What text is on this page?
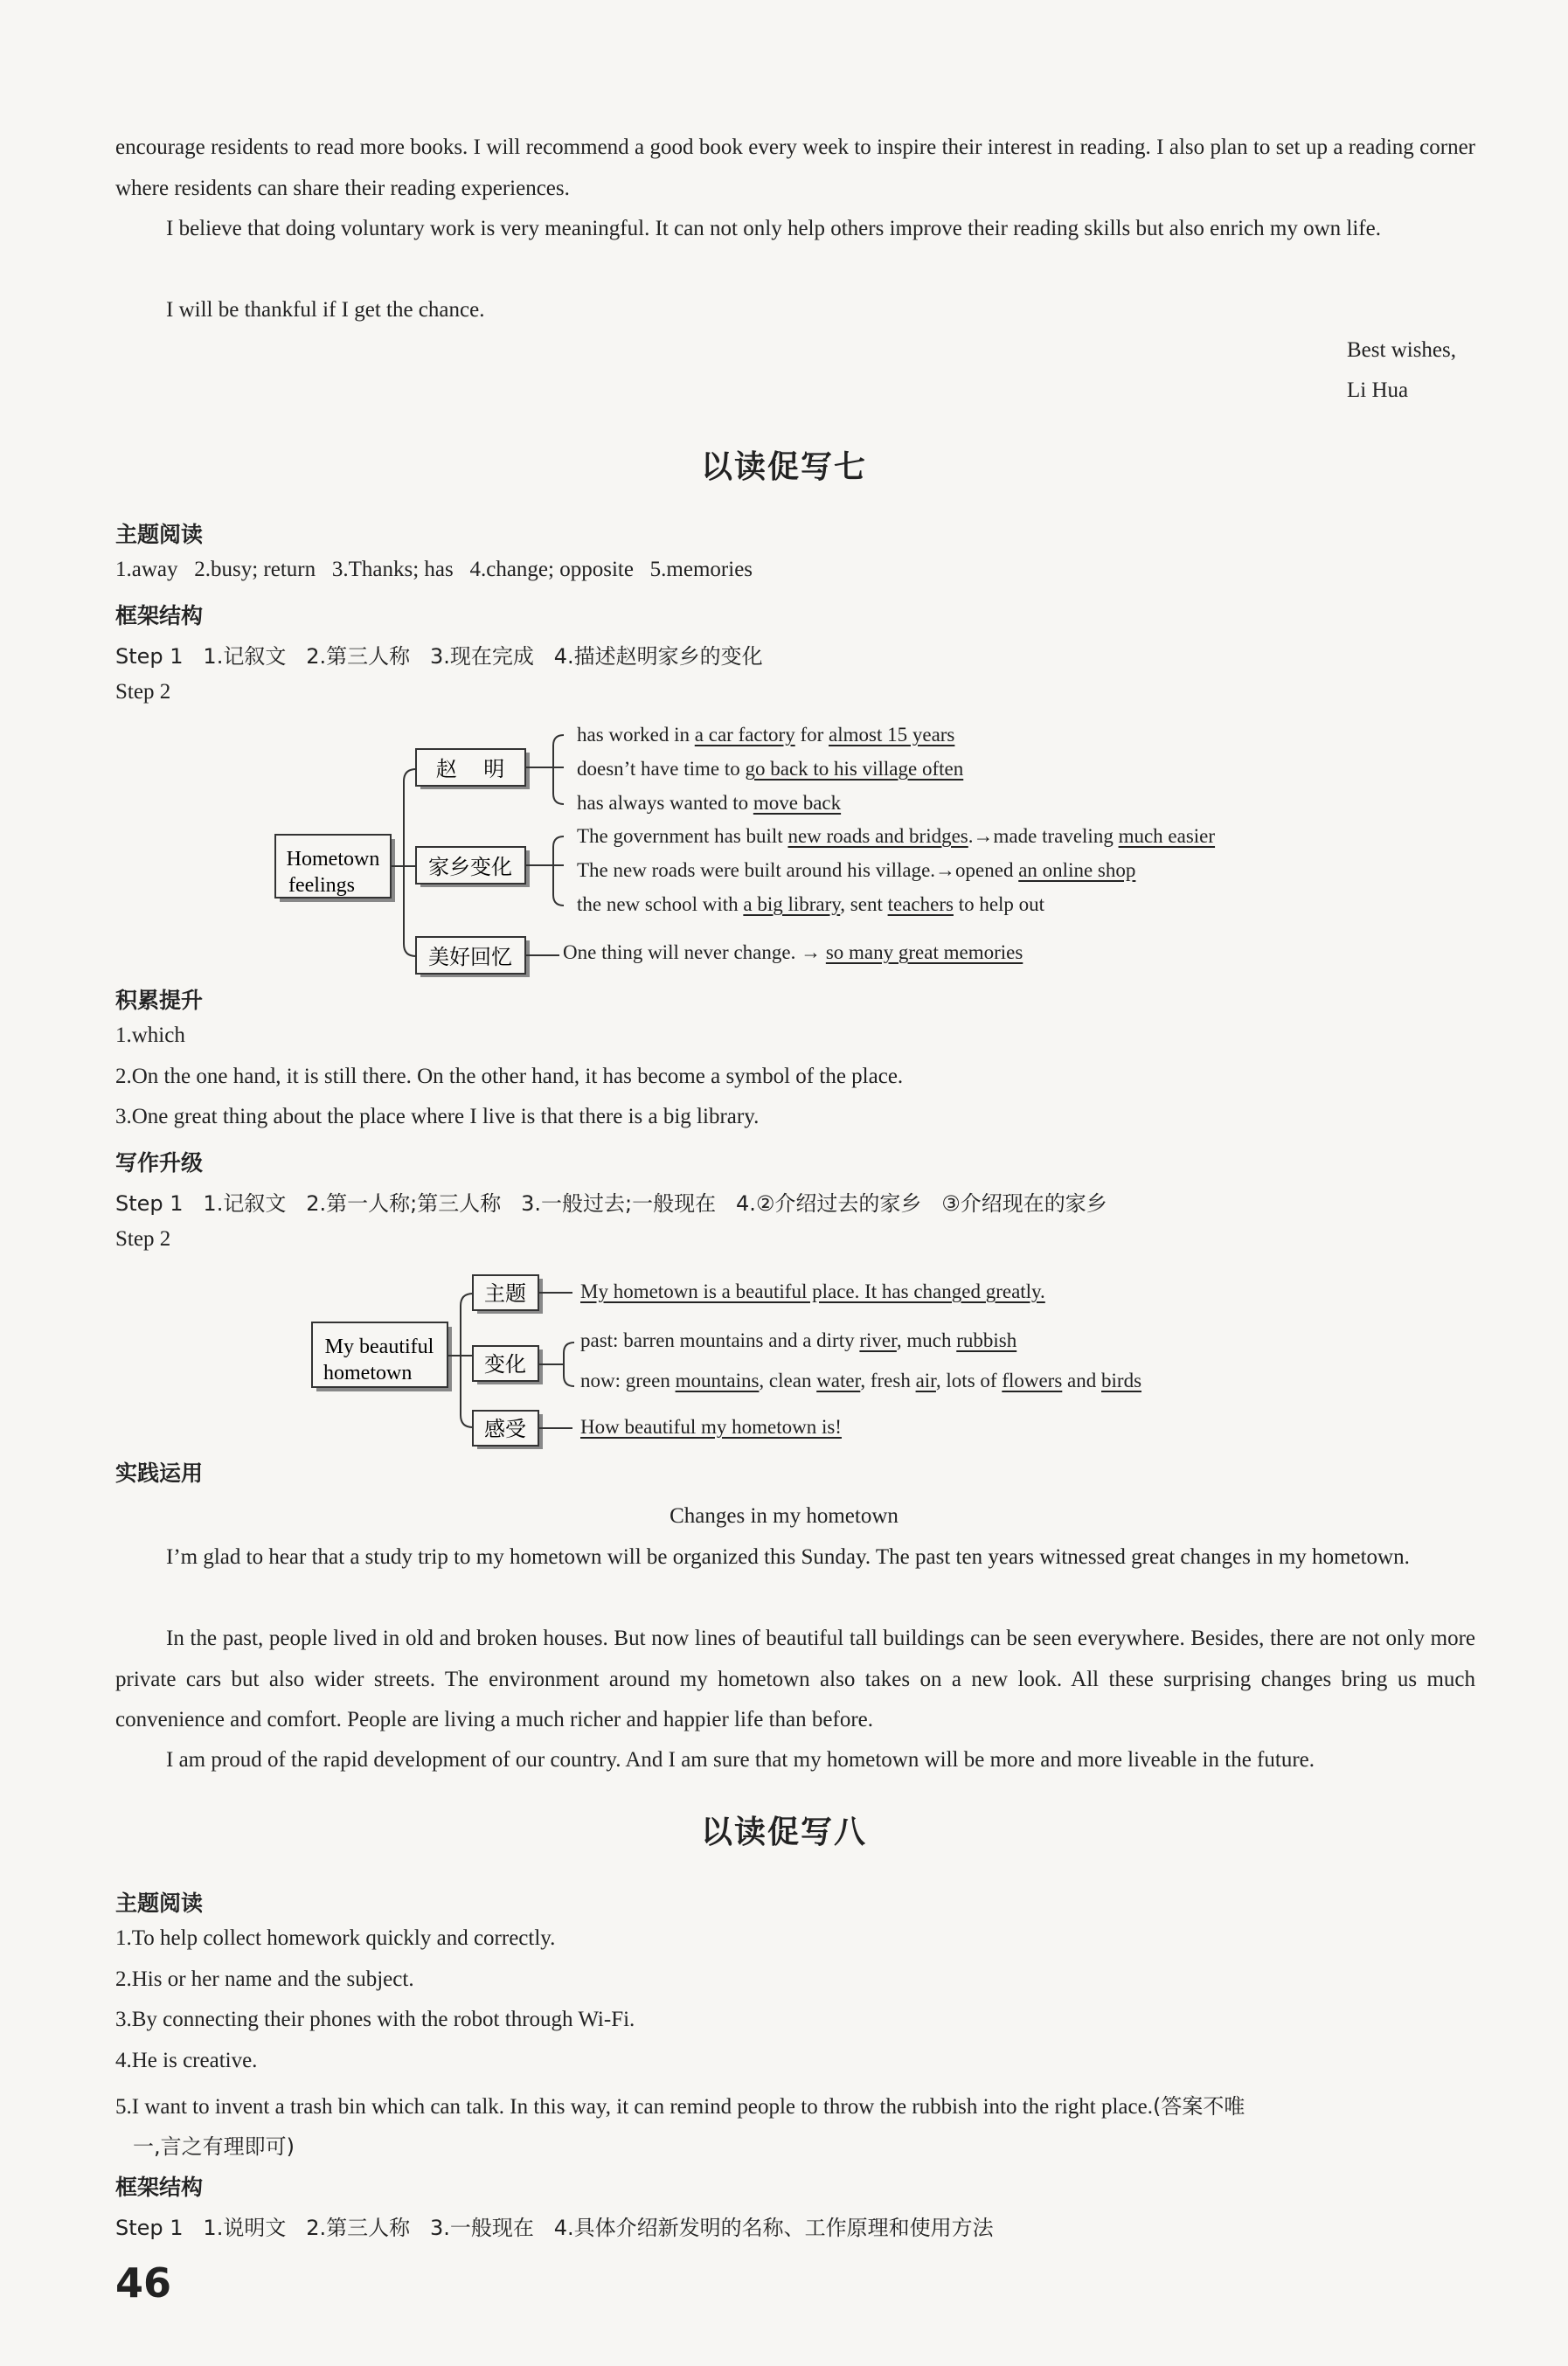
encourage residents to read more books. I will recommend a good book every week to inspire their interest in reading. I also plan to set up a reading corner where residents can share their reading experiences.
I believe that doing voluntary work is very meaningful. It can not only help others improve their reading skills but also enrich my own life.
I will be thankful if I get the chance.
Best wishes,
Li Hua
以读促写七
主题阅读
1.away   2.busy; return   3.Thanks; has   4.change; opposite   5.memories
框架结构
Step 1   1.记叙文   2.第三人称   3.现在完成   4.描述赵明家乡的变化
Step 2
Hometown
feelings
赵    明
家乡变化
美好回忆
has worked in a car factory for almost 15 years
doesn’t have time to go back to his village often
has always wanted to move back
The government has built new roads and bridges.→made traveling much easier
The new roads were built around his village.→opened an online shop
the new school with a big library, sent teachers to help out
One thing will never change. → so many great memories
积累提升
1.which
2.On the one hand, it is still there. On the other hand, it has become a symbol of the place.
3.One great thing about the place where I live is that there is a big library.
写作升级
Step 1   1.记叙文   2.第一人称;第三人称   3.一般过去;一般现在   4.②介绍过去的家乡   ③介绍现在的家乡
Step 2
My beautiful
hometown
主题
变化
感受
My hometown is a beautiful place. It has changed greatly.
past: barren mountains and a dirty river, much rubbish
now: green mountains, clean water, fresh air, lots of flowers and birds
How beautiful my hometown is!
实践运用
Changes in my hometown
I’m glad to hear that a study trip to my hometown will be organized this Sunday. The past ten years witnessed great changes in my hometown.
In the past, people lived in old and broken houses. But now lines of beautiful tall buildings can be seen everywhere. Besides, there are not only more private cars but also wider streets. The environment around my hometown also takes on a new look. All these surprising changes bring us much convenience and comfort. People are living a much richer and happier life than before.
I am proud of the rapid development of our country. And I am sure that my hometown will be more and more liveable in the future.
以读促写八
主题阅读
1.To help collect homework quickly and correctly.
2.His or her name and the subject.
3.By connecting their phones with the robot through Wi-Fi.
4.He is creative.
5.I want to invent a trash bin which can talk. In this way, it can remind people to throw the rubbish into the right place.(答案不唯
一,言之有理即可)
框架结构
Step 1   1.说明文   2.第三人称   3.一般现在   4.具体介绍新发明的名称、工作原理和使用方法
46
